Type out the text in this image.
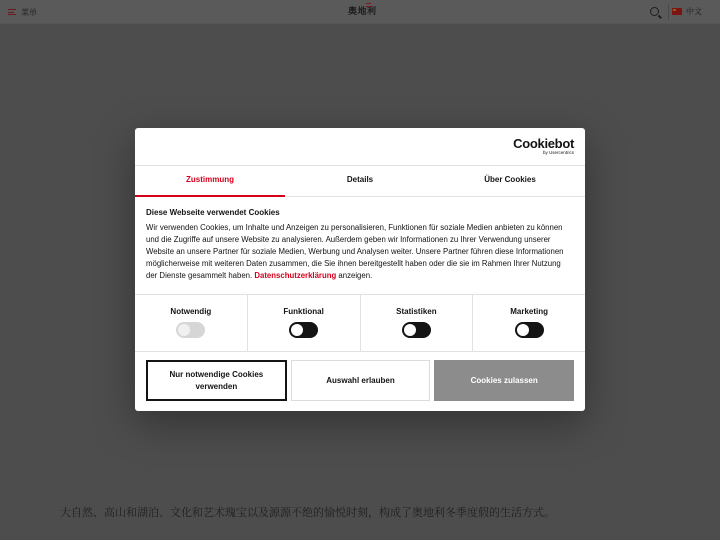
菜单	奥地利	中文
大自然、高山和湖泊、文化和艺术瑰宝以及源源不绝的愉悦时刻，构成了奥地利冬季度假的生活方式。
Cookiebot
by Usercentrics
Zustimmung	Details	Über Cookies
Diese Webseite verwendet Cookies
Wir verwenden Cookies, um Inhalte und Anzeigen zu personalisieren, Funktionen für soziale Medien anbieten zu können und die Zugriffe auf unsere Website zu analysieren. Außerdem geben wir Informationen zu Ihrer Verwendung unserer Website an unsere Partner für soziale Medien, Werbung und Analysen weiter. Unsere Partner führen diese Informationen möglicherweise mit weiteren Daten zusammen, die Sie ihnen bereitgestellt haben oder die sie im Rahmen Ihrer Nutzung der Dienste gesammelt haben. Datenschutzerklärung anzeigen.
Notwendig	Funktional	Statistiken	Marketing
Nur notwendige Cookies verwenden
Auswahl erlauben	Cookies zulassen
